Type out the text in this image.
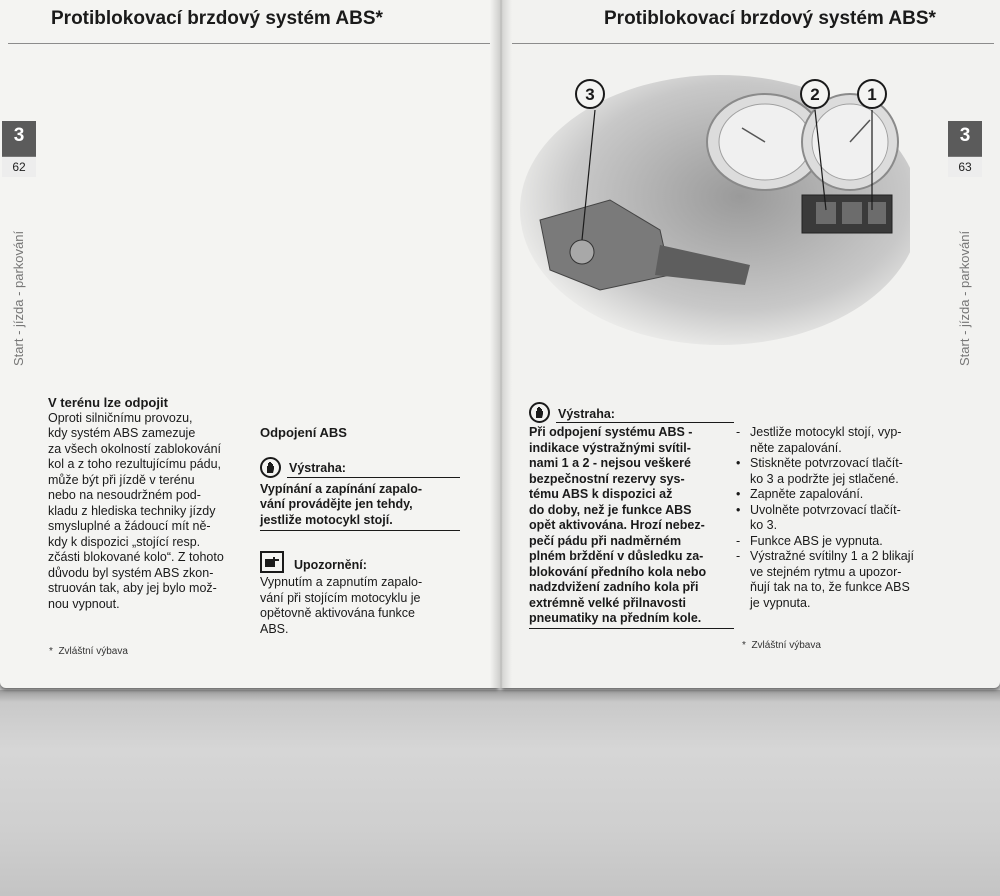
Protiblokovací brzdový systém ABS*
3
62
Start - jízda - parkování

V terénu lze odpojit

Oproti silničnímu provozu,

kdy systém ABS zamezuje

za všech okolností zablokování

kol a z toho rezultujícímu pádu,

může být při jízdě v terénu

nebo na nesoudržném pod-

kladu z hlediska techniky jízdy

smysluplné a žádoucí mít ně-

kdy k dispozici „stojící resp.

zčásti blokované kolo“. Z tohoto

důvodu byl systém ABS zkon-

struován tak, aby jej bylo mož-

nou vypnout.

*  Zvláštní výbava

Odpojení ABS

Výstraha:

Vypínání a zapínání zapalo-

vání provádějte jen tehdy,

jestliže motocykl stojí.

Upozornění:

Vypnutím a zapnutím zapalo-

vání při stojícím motocyklu je

opětovně aktivována funkce

ABS.

Protiblokovací brzdový systém ABS*
3
63
Start - jízda - parkování
Výstraha:

Při odpojení systému ABS -

indikace výstražnými svítil-

nami 1 a 2 - nejsou veškeré

bezpečnostní rezervy sys-

tému ABS k dispozici až

do doby, než je funkce ABS

opět aktivována. Hrozí nebez-

pečí pádu při nadměrném

plném brždění v důsledku za-

blokování předního kola nebo

nadzdvižení zadního kola při

extrémně velké přilnavosti

pneumatiky na předním kole.

- Jestliže motocykl stojí, vyp-

něte zapalování.

• Stiskněte potvrzovací tlačít-

ko 3 a podržte jej stlačené.

• Zapněte zapalování.

• Uvolněte potvrzovací tlačít-

ko 3.

- Funkce ABS je vypnuta.

- Výstražné svítilny 1 a 2 blikají

ve stejném rytmu a upozor-

ňují tak na to, že funkce ABS

je vypnuta.

*  Zvláštní výbava
3	2	1
